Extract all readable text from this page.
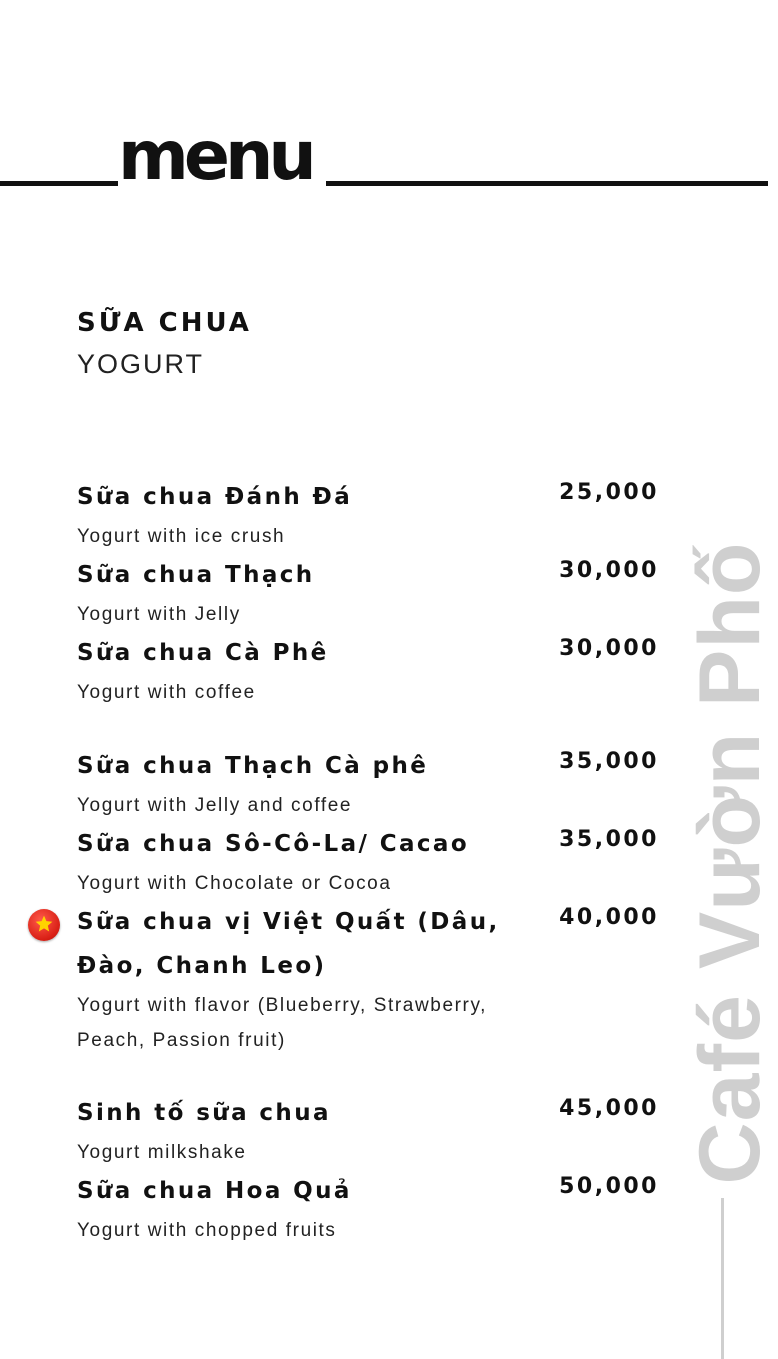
menu
SỮA CHUA
YOGURT
Sữa chua Đánh Đá
Yogurt with ice crush
25,000
Sữa chua Thạch
Yogurt with Jelly
30,000
Sữa chua Cà Phê
Yogurt with coffee
30,000
Sữa chua Thạch Cà phê
Yogurt with Jelly and coffee
35,000
Sữa chua Sô-Cô-La/ Cacao
Yogurt with Chocolate or Cocoa
35,000
Sữa chua vị Việt Quất (Dâu, Đào, Chanh Leo)
Yogurt with flavor (Blueberry, Strawberry, Peach, Passion fruit)
40,000
Sinh tố sữa chua
Yogurt milkshake
45,000
Sữa chua Hoa Quả
Yogurt with chopped fruits
50,000
Café Vườn Phố
